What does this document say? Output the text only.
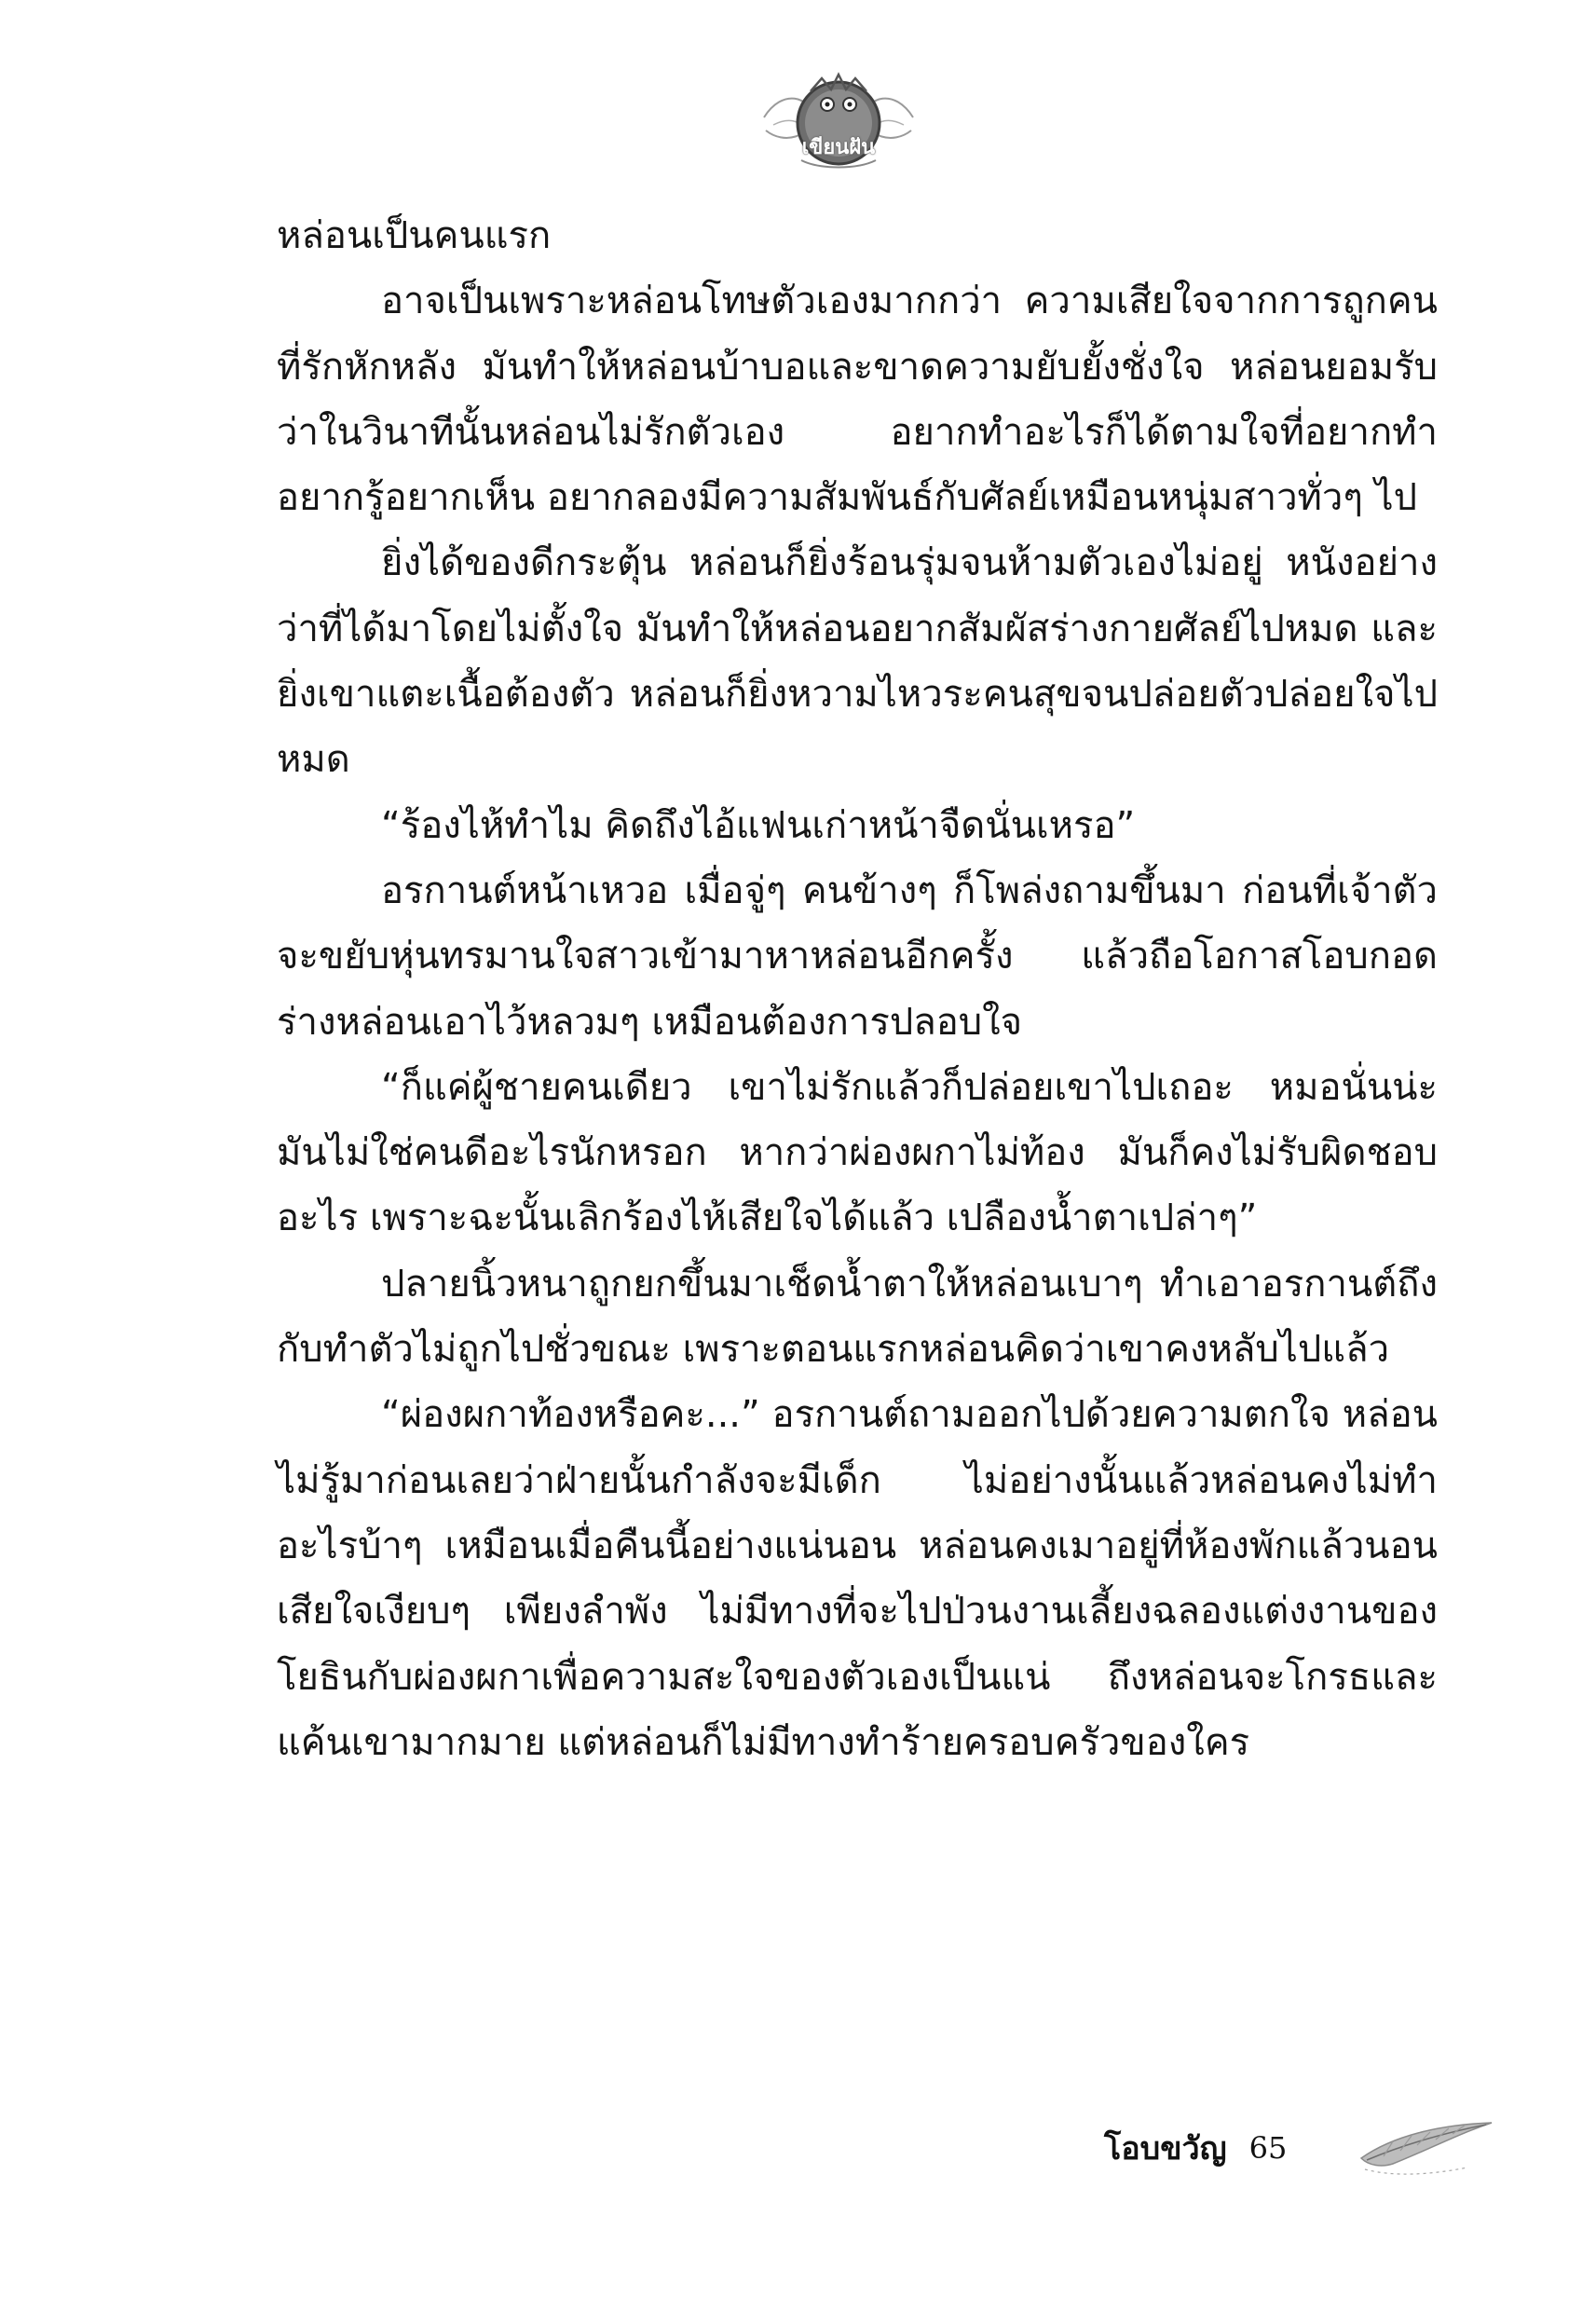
เขียนฝัน

หล่อนเป็นคนแรก

อาจเป็นเพราะหล่อนโทษตัวเองมากกว่า ความเสียใจจากการถูกคนที่รักหักหลัง มันทำให้หล่อนบ้าบอและขาดความยับยั้งชั่งใจ หล่อนยอมรับว่าในวินาทีนั้นหล่อนไม่รักตัวเอง อยากทำอะไรก็ได้ตามใจที่อยากทำ อยากรู้อยากเห็น อยากลองมีความสัมพันธ์กับศัลย์เหมือนหนุ่มสาวทั่วๆ ไป

ยิ่งได้ของดีกระตุ้น หล่อนก็ยิ่งร้อนรุ่มจนห้ามตัวเองไม่อยู่ หนังอย่างว่าที่ได้มาโดยไม่ตั้งใจ มันทำให้หล่อนอยากสัมผัสร่างกายศัลย์ไปหมด และยิ่งเขาแตะเนื้อต้องตัว หล่อนก็ยิ่งหวามไหวระคนสุขจนปล่อยตัวปล่อยใจไปหมด

“ร้องไห้ทำไม คิดถึงไอ้แฟนเก่าหน้าจืดนั่นเหรอ”

อรกานต์หน้าเหวอ เมื่อจู่ๆ คนข้างๆ ก็โพล่งถามขึ้นมา ก่อนที่เจ้าตัวจะขยับหุ่นทรมานใจสาวเข้ามาหาหล่อนอีกครั้ง แล้วถือโอกาสโอบกอดร่างหล่อนเอาไว้หลวมๆ เหมือนต้องการปลอบใจ

“ก็แค่ผู้ชายคนเดียว เขาไม่รักแล้วก็ปล่อยเขาไปเถอะ หมอนั่นน่ะมันไม่ใช่คนดีอะไรนักหรอก หากว่าผ่องผกาไม่ท้อง มันก็คงไม่รับผิดชอบอะไร เพราะฉะนั้นเลิกร้องไห้เสียใจได้แล้ว เปลืองน้ำตาเปล่าๆ”

ปลายนิ้วหนาถูกยกขึ้นมาเช็ดน้ำตาให้หล่อนเบาๆ ทำเอาอรกานต์ถึงกับทำตัวไม่ถูกไปชั่วขณะ เพราะตอนแรกหล่อนคิดว่าเขาคงหลับไปแล้ว

“ผ่องผกาท้องหรือคะ...” อรกานต์ถามออกไปด้วยความตกใจ หล่อนไม่รู้มาก่อนเลยว่าฝ่ายนั้นกำลังจะมีเด็ก ไม่อย่างนั้นแล้วหล่อนคงไม่ทำอะไรบ้าๆ เหมือนเมื่อคืนนี้อย่างแน่นอน หล่อนคงเมาอยู่ที่ห้องพักแล้วนอนเสียใจเงียบๆ เพียงลำพัง ไม่มีทางที่จะไปป่วนงานเลี้ยงฉลองแต่งงานของโยธินกับผ่องผกาเพื่อความสะใจของตัวเองเป็นแน่ ถึงหล่อนจะโกรธและแค้นเขามากมาย แต่หล่อนก็ไม่มีทางทำร้ายครอบครัวของใคร

โอบขวัญ 65
